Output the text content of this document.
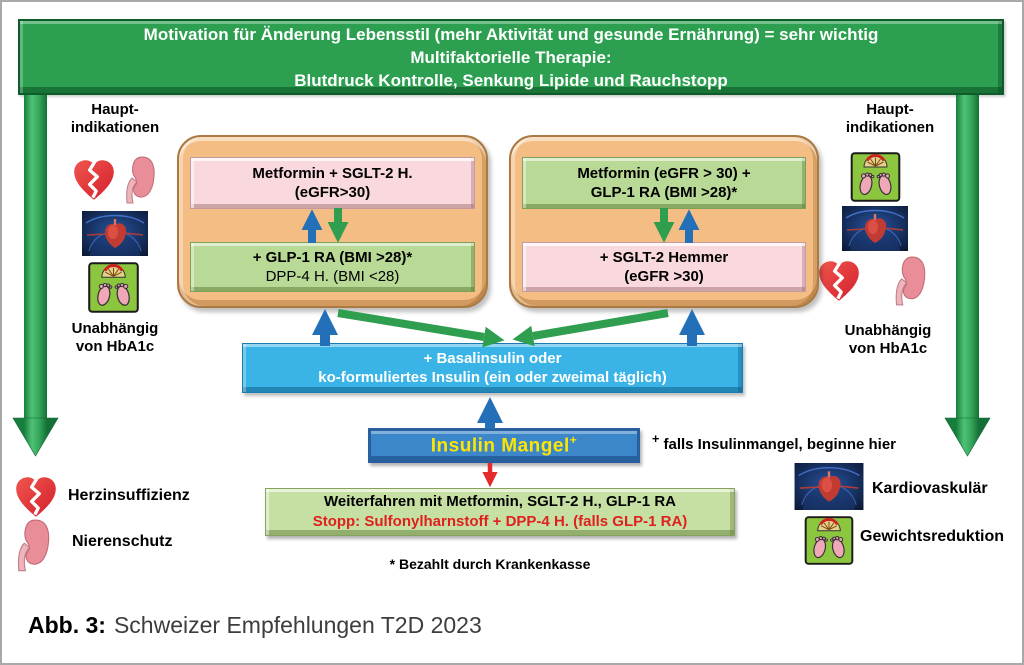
Motivation für Änderung Lebensstil (mehr Aktivität und gesunde Ernährung) = sehr wichtig
Multifaktorielle Therapie:
Blutdruck Kontrolle, Senkung Lipide und Rauchstopp
Haupt-
indikationen
Unabhängig
von HbA1c
Haupt-
indikationen
Unabhängig
von HbA1c
Metformin + SGLT-2 H.
(eGFR>30)
+ GLP-1 RA (BMI >28)*
DPP-4 H. (BMI <28)
Metformin (eGFR > 30) +
GLP-1 RA (BMI >28)*
+ SGLT-2 Hemmer
(eGFR >30)
+ Basalinsulin oder
ko-formuliertes Insulin (ein oder zweimal täglich)
Insulin Mangel+	+ falls Insulinmangel, beginne hier
Weiterfahren mit Metformin, SGLT-2 H., GLP-1 RA
Stopp: Sulfonylharnstoff + DPP-4 H. (falls GLP-1 RA)
* Bezahlt durch Krankenkasse
Herzinsuffizienz
Nierenschutz
Kardiovaskulär
Gewichtsreduktion
Abb. 3: Schweizer Empfehlungen T2D 2023
